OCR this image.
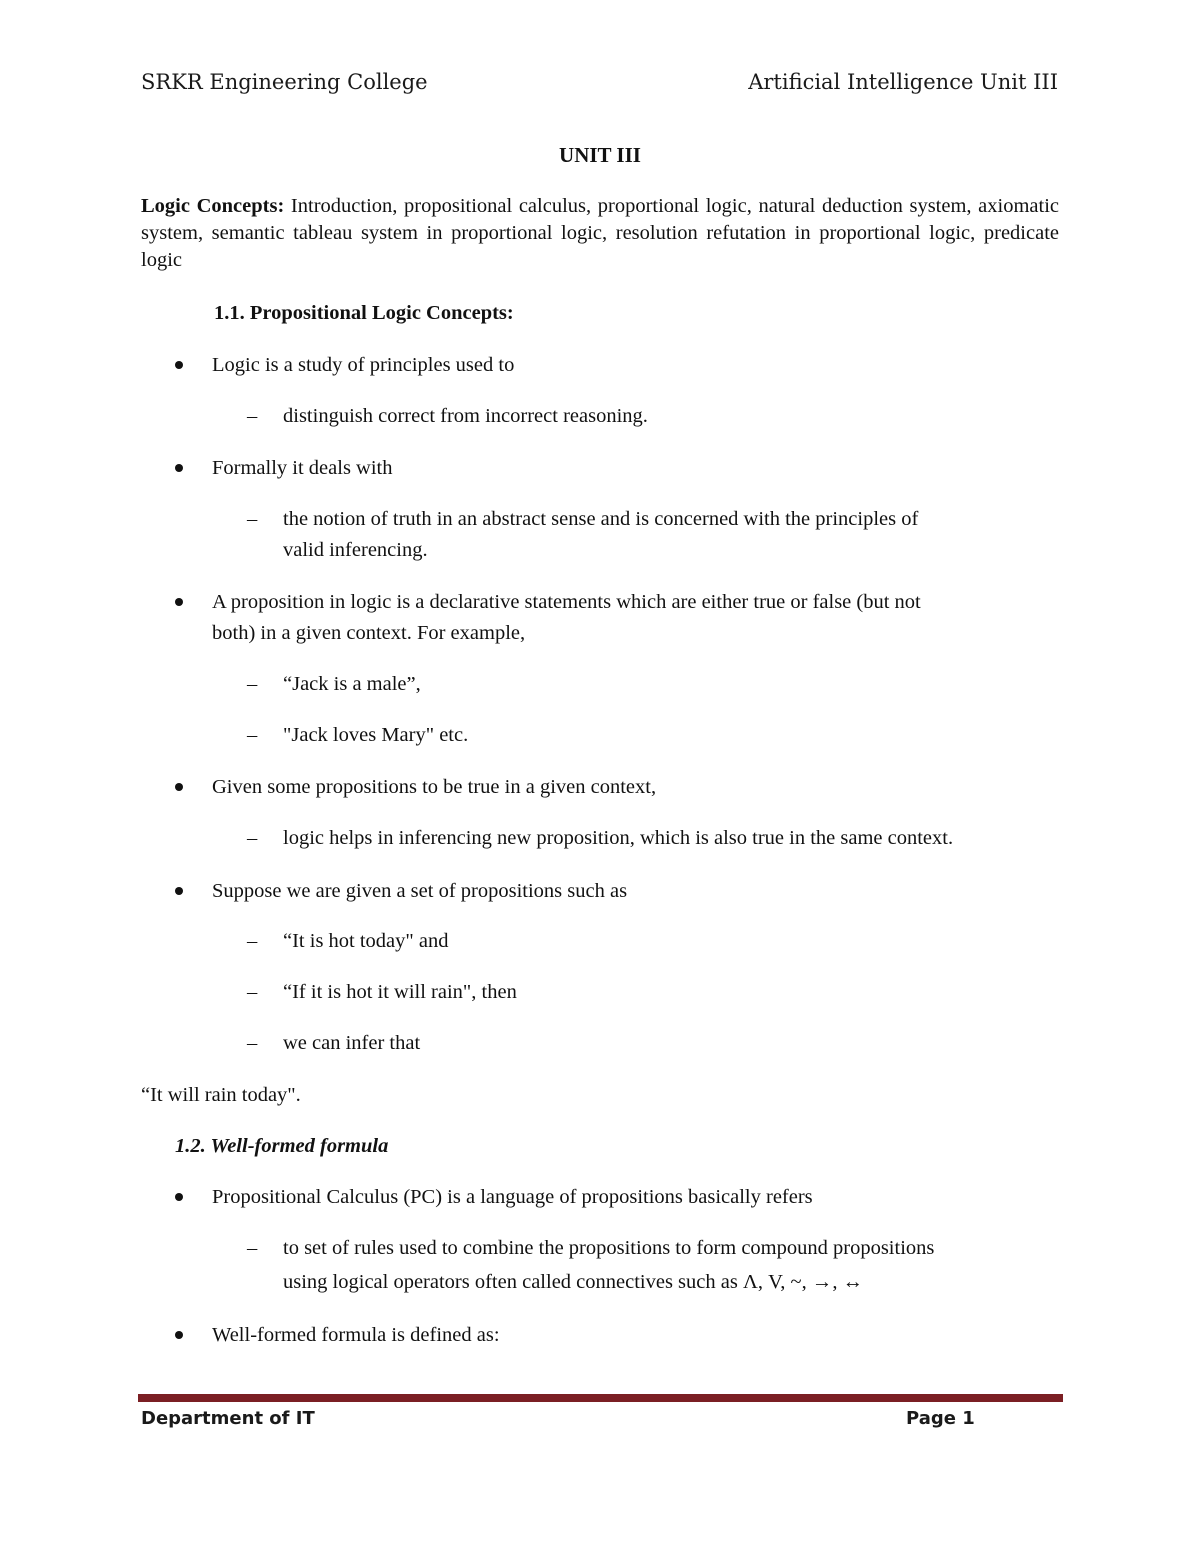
SRKR Engineering College	Artificial Intelligence Unit III
UNIT III
Logic Concepts: Introduction, propositional calculus, proportional logic, natural deduction system, axiomatic system, semantic tableau system in proportional logic, resolution refutation in proportional logic, predicate logic
1.1. Propositional Logic Concepts:
Logic is a study of principles used to
– distinguish correct from incorrect reasoning.
Formally it deals with
– the notion of truth in an abstract sense and is concerned with the principles of
valid inferencing.
A proposition in logic is a declarative statements which are either true or false (but not
both) in a given context. For example,
– “Jack is a male”,
– "Jack loves Mary" etc.
Given some propositions to be true in a given context,
– logic helps in inferencing new proposition, which is also true in the same context.
Suppose we are given a set of propositions such as
– “It is hot today" and
– “If it is hot it will rain", then
– we can infer that
“It will rain today".
1.2. Well-formed formula
Propositional Calculus (PC) is a language of propositions basically refers
– to set of rules used to combine the propositions to form compound propositions
using logical operators often called connectives such as Λ, V, ~, →, ↔
Well-formed formula is defined as:
Department of IT	Page 1
